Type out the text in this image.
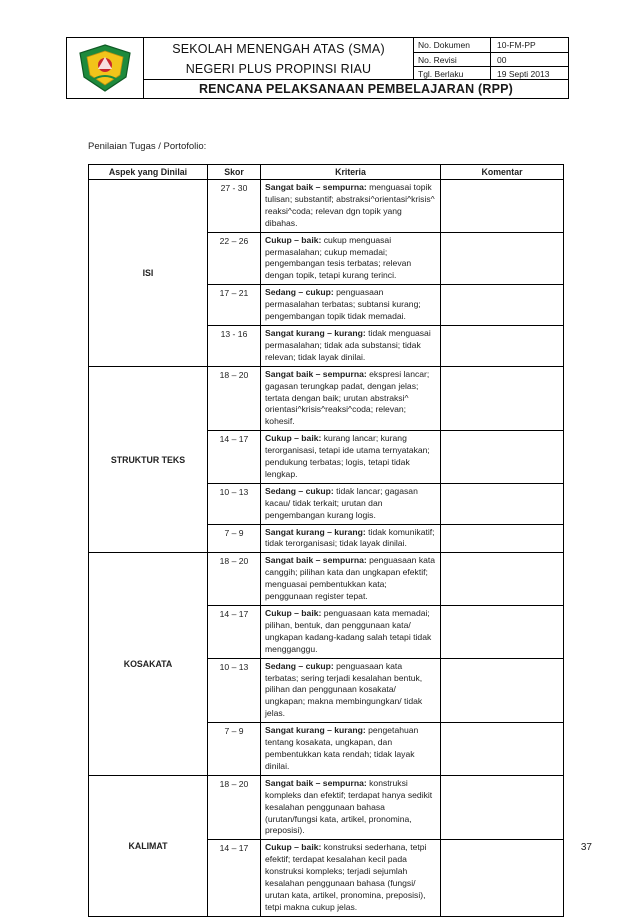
SEKOLAH MENENGAH ATAS (SMA)
NEGERI PLUS PROPINSI RIAU
No. Dokumen	10-FM-PP
No. Revisi	00
Tgl. Berlaku	19 Septi 2013
RENCANA PELAKSANAAN PEMBELAJARAN (RPP)
Penilaian Tugas / Portofolio:
Aspek yang Dinilai	Skor	Kriteria	Komentar
ISI	27 - 30	Sangat baik – sempurna: menguasai topik tulisan; substantif; abstraksi^orientasi^krisis^ reaksi^coda; relevan dgn topik yang dibahas.	
	22 – 26	Cukup – baik: cukup menguasai permasalahan; cukup memadai; pengembangan tesis terbatas; relevan dengan topik, tetapi kurang terinci.	
	17 – 21	Sedang – cukup: penguasaan permasalahan terbatas; subtansi kurang; pengembangan topik tidak memadai.	
	13 - 16	Sangat kurang – kurang: tidak menguasai permasalahan; tidak ada substansi; tidak relevan; tidak layak dinilai.	
STRUKTUR TEKS	18 – 20	Sangat baik – sempurna: ekspresi lancar; gagasan terungkap padat, dengan jelas; tertata dengan baik; urutan abstraksi^ orientasi^krisis^reaksi^coda; relevan; kohesif.	
	14 – 17	Cukup – baik: kurang lancar; kurang terorganisasi, tetapi ide utama ternyatakan; pendukung terbatas; logis, tetapi tidak lengkap.	
	10 – 13	Sedang – cukup: tidak lancar; gagasan kacau/ tidak terkait; urutan dan pengembangan kurang logis.	
	7 – 9	Sangat kurang – kurang: tidak komunikatif; tidak terorganisasi; tidak layak dinilai.	
KOSAKATA	18 – 20	Sangat baik – sempurna: penguasaan kata canggih; pilihan kata dan ungkapan efektif; menguasai pembentukkan kata; penggunaan register tepat.	
	14 – 17	Cukup – baik: penguasaan kata memadai; pilihan, bentuk, dan penggunaan kata/ ungkapan kadang-kadang salah tetapi tidak mengganggu.	
	10 – 13	Sedang – cukup: penguasaan kata terbatas; sering terjadi kesalahan bentuk, pilihan dan penggunaan kosakata/ ungkapan; makna membingungkan/ tidak jelas.	
	7 – 9	Sangat kurang – kurang: pengetahuan tentang kosakata, ungkapan, dan pembentukkan kata rendah; tidak layak dinilai.	
KALIMAT	18 – 20	Sangat baik – sempurna: konstruksi kompleks dan efektif; terdapat hanya sedikit kesalahan penggunaan bahasa (urutan/fungsi kata, artikel, pronomina, preposisi).	
	14 – 17	Cukup – baik: konstruksi sederhana, tetpi efektif; terdapat kesalahan kecil pada konstruksi kompleks; terjadi sejumlah kesalahan penggunaan bahasa (fungsi/ urutan kata, artikel, pronomina, preposisi), tetpi makna cukup jelas.	
37
